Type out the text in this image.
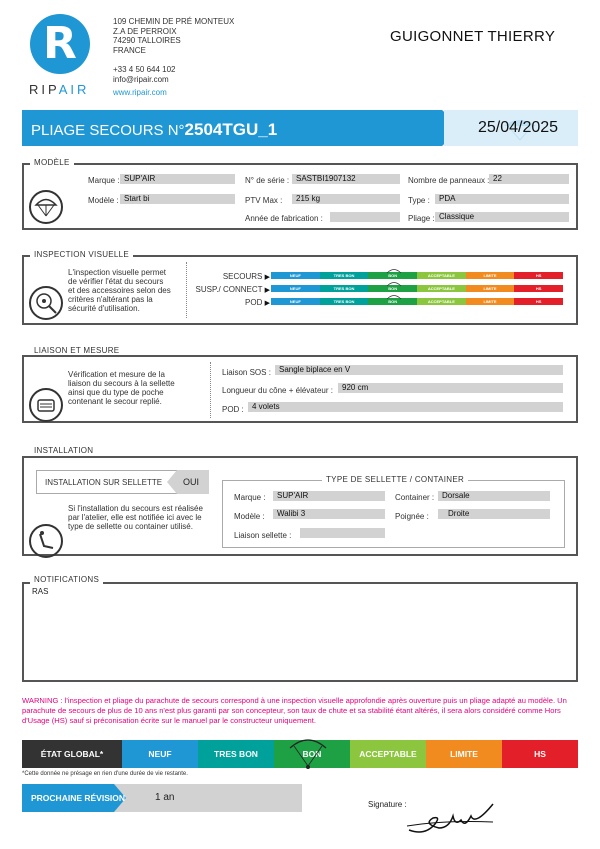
R
RIPAIR
109 CHEMIN DE PRÉ MONTEUX
Z.A DE PERROIX
74290 TALLOIRES
FRANCE
+33 4 50 644 102
info@ripair.com
www.ripair.com
GUIGONNET THIERRY
PLIAGE SECOURS N°2504TGU_1	25/04/2025
MODÈLE
Marque : SUP'AIR
Modèle : Start bi
N° de série : SASTBI1907132
PTV Max :	215 kg
Année de fabrication :
Nombre de panneaux : 22
Type :	PDA
Pliage : Classique
INSPECTION VISUELLE
L'inspection visuelle permet
de vérifier l'état du secours
et des accessoires selon des
critères n'altérant pas la
sécurité d'utilisation.
SECOURS ▶
SUSP./ CONNECT ▶
POD ▶
NEUF	TRES BON	BON	ACCEPTABLE	LIMITE	HS
NEUF	TRES BON	BON	ACCEPTABLE	LIMITE	HS
NEUF	TRES BON	BON	ACCEPTABLE	LIMITE	HS
LIAISON ET MESURE
Vérification et mesure de la
liaison du secours à la sellette
ainsi que du type de poche
contenant le secour replié.
Liaison SOS :	Sangle biplace en V
Longueur du cône + élévateur :	920 cm
POD :	4 volets
INSTALLATION
INSTALLATION SUR SELLETTE OUI
Si l'installation du secours est réalisée
par l'atelier, elle est notifiée ici avec le
type de sellette ou container utilisé.
TYPE DE SELLETTE / CONTAINER
Marque :	SUP'AIR
Modèle :	Walibi 3
Liaison sellette :
Container : Dorsale
Poignée :	Droite
NOTIFICATIONS
RAS
WARNING : l'inspection et pliage du parachute de secours correspond à une inspection visuelle approfondie après ouverture puis un pliage adapté au modèle. Un parachute de secours de plus de 10 ans n'est plus garanti par son concepteur, son taux de chute et sa stabilité étant altérés, il sera alors considéré comme Hors d'Usage (HS) sauf si préconisation écrite sur le manuel par le constructeur uniquement.
ÉTAT GLOBAL*	NEUF	TRES BON	BON	ACCEPTABLE	LIMITE	HS
*Cette donnée ne présage en rien d'une durée de vie restante.
PROCHAINE RÉVISION	1 an
Signature :
